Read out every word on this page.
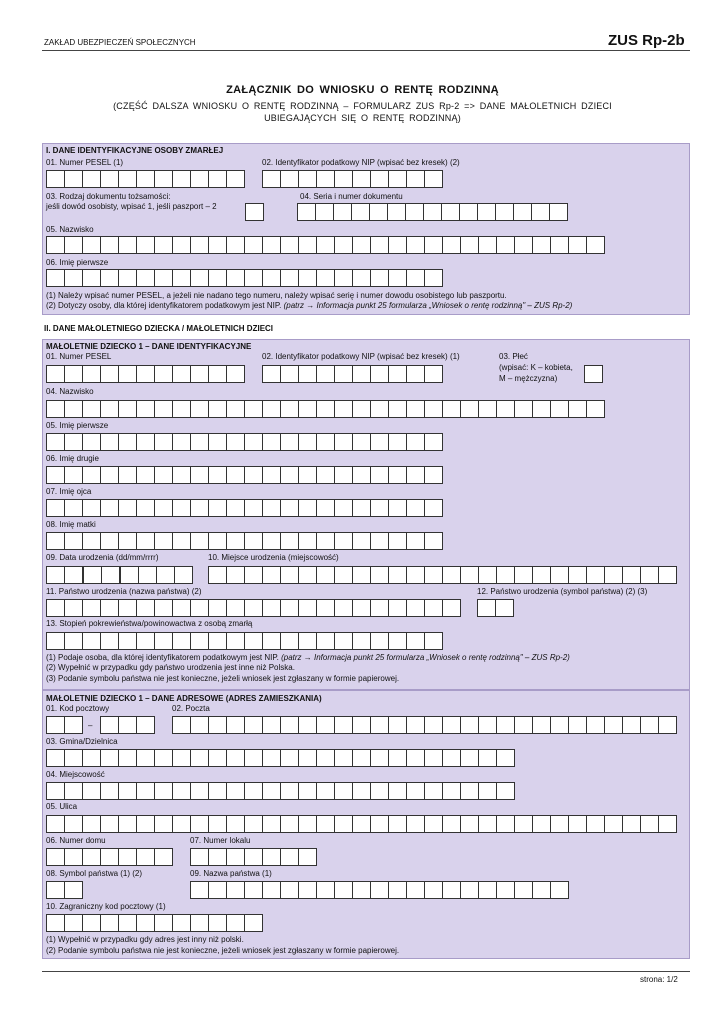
ZAKŁAD UBEZPIECZEŃ SPOŁECZNYCH	ZUS Rp-2b
ZAŁĄCZNIK DO WNIOSKU O RENTĘ RODZINNĄ
(CZĘŚĆ DALSZA WNIOSKU O RENTĘ RODZINNĄ – FORMULARZ ZUS Rp-2 => DANE MAŁOLETNICH DZIECI
UBIEGAJĄCYCH SIĘ O RENTĘ RODZINNĄ)
I. DANE IDENTYFIKACYJNE OSOBY ZMARŁEJ
01. Numer PESEL (1)	02. Identyfikator podatkowy NIP (wpisać bez kresek) (2)
03. Rodzaj dokumentu tożsamości:
jeśli dowód osobisty, wpisać 1, jeśli paszport – 2
04. Seria i numer dokumentu
05. Nazwisko
06. Imię pierwsze
(1) Należy wpisać numer PESEL, a jeżeli nie nadano tego numeru, należy wpisać serię i numer dowodu osobistego lub paszportu.
(2) Dotyczy osoby, dla której identyfikatorem podatkowym jest NIP. (patrz → Informacja punkt 25 formularza „Wniosek o rentę rodzinną" – ZUS Rp-2)
II. DANE MAŁOLETNIEGO DZIECKA / MAŁOLETNICH DZIECI
MAŁOLETNIE DZIECKO 1 – DANE IDENTYFIKACYJNE
01. Numer PESEL	02. Identyfikator podatkowy NIP (wpisać bez kresek) (1)	03. Płeć
(wpisać: K – kobieta,
M – mężczyzna)
04. Nazwisko
05. Imię pierwsze
06. Imię drugie
07. Imię ojca
08. Imię matki
09. Data urodzenia (dd/mm/rrrr)	10. Miejsce urodzenia (miejscowość)
11. Państwo urodzenia (nazwa państwa) (2)	12. Państwo urodzenia (symbol państwa) (2) (3)
13. Stopień pokrewieństwa/powinowactwa z osobą zmarłą
(1) Podaje osoba, dla której identyfikatorem podatkowym jest NIP. (patrz → Informacja punkt 25 formularza „Wniosek o rentę rodzinną" – ZUS Rp-2)
(2) Wypełnić w przypadku gdy państwo urodzenia jest inne niż Polska.
(3) Podanie symbolu państwa nie jest konieczne, jeżeli wniosek jest zgłaszany w formie papierowej.
MAŁOLETNIE DZIECKO 1 – DANE ADRESOWE (ADRES ZAMIESZKANIA)
01. Kod pocztowy	02. Poczta
–
03. Gmina/Dzielnica
04. Miejscowość
05. Ulica
06. Numer domu	07. Numer lokalu
08. Symbol państwa (1) (2)	09. Nazwa państwa (1)
10. Zagraniczny kod pocztowy (1)
(1) Wypełnić w przypadku gdy adres jest inny niż polski.
(2) Podanie symbolu państwa nie jest konieczne, jeżeli wniosek jest zgłaszany w formie papierowej.
strona: 1/2
